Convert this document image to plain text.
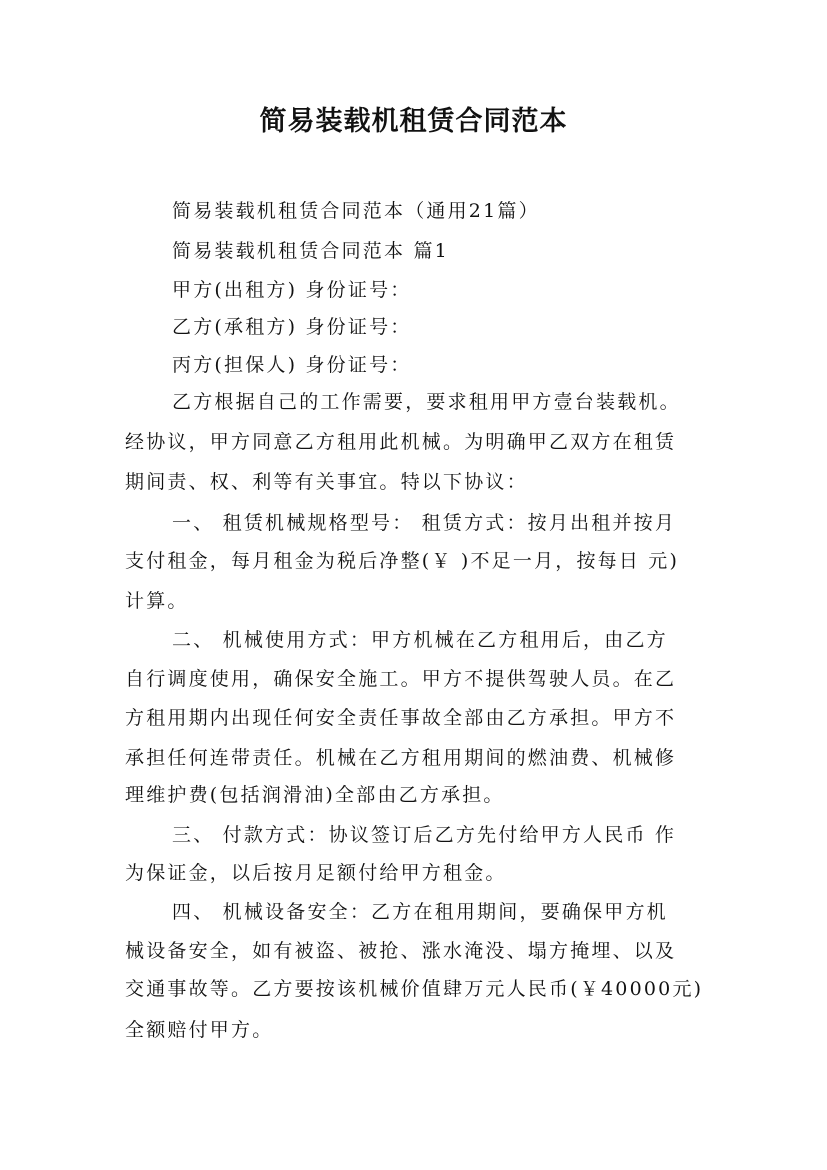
简易装载机租赁合同范本
简易装载机租赁合同范本（通用21篇）
简易装载机租赁合同范本 篇1
甲方(出租方) 身份证号：
乙方(承租方) 身份证号：
丙方(担保人) 身份证号：
乙方根据自己的工作需要，要求租用甲方壹台装载机。
经协议，甲方同意乙方租用此机械。为明确甲乙双方在租赁
期间责、权、利等有关事宜。特以下协议：
一、 租赁机械规格型号： 租赁方式：按月出租并按月
支付租金，每月租金为税后净整(￥ )不足一月，按每日 元)
计算。
二、 机械使用方式：甲方机械在乙方租用后，由乙方
自行调度使用，确保安全施工。甲方不提供驾驶人员。在乙
方租用期内出现任何安全责任事故全部由乙方承担。甲方不
承担任何连带责任。机械在乙方租用期间的燃油费、机械修
理维护费(包括润滑油)全部由乙方承担。
三、 付款方式：协议签订后乙方先付给甲方人民币 作
为保证金，以后按月足额付给甲方租金。
四、 机械设备安全：乙方在租用期间，要确保甲方机
械设备安全，如有被盗、被抢、涨水淹没、塌方掩埋、以及
交通事故等。乙方要按该机械价值肆万元人民币(￥40000元)
全额赔付甲方。
